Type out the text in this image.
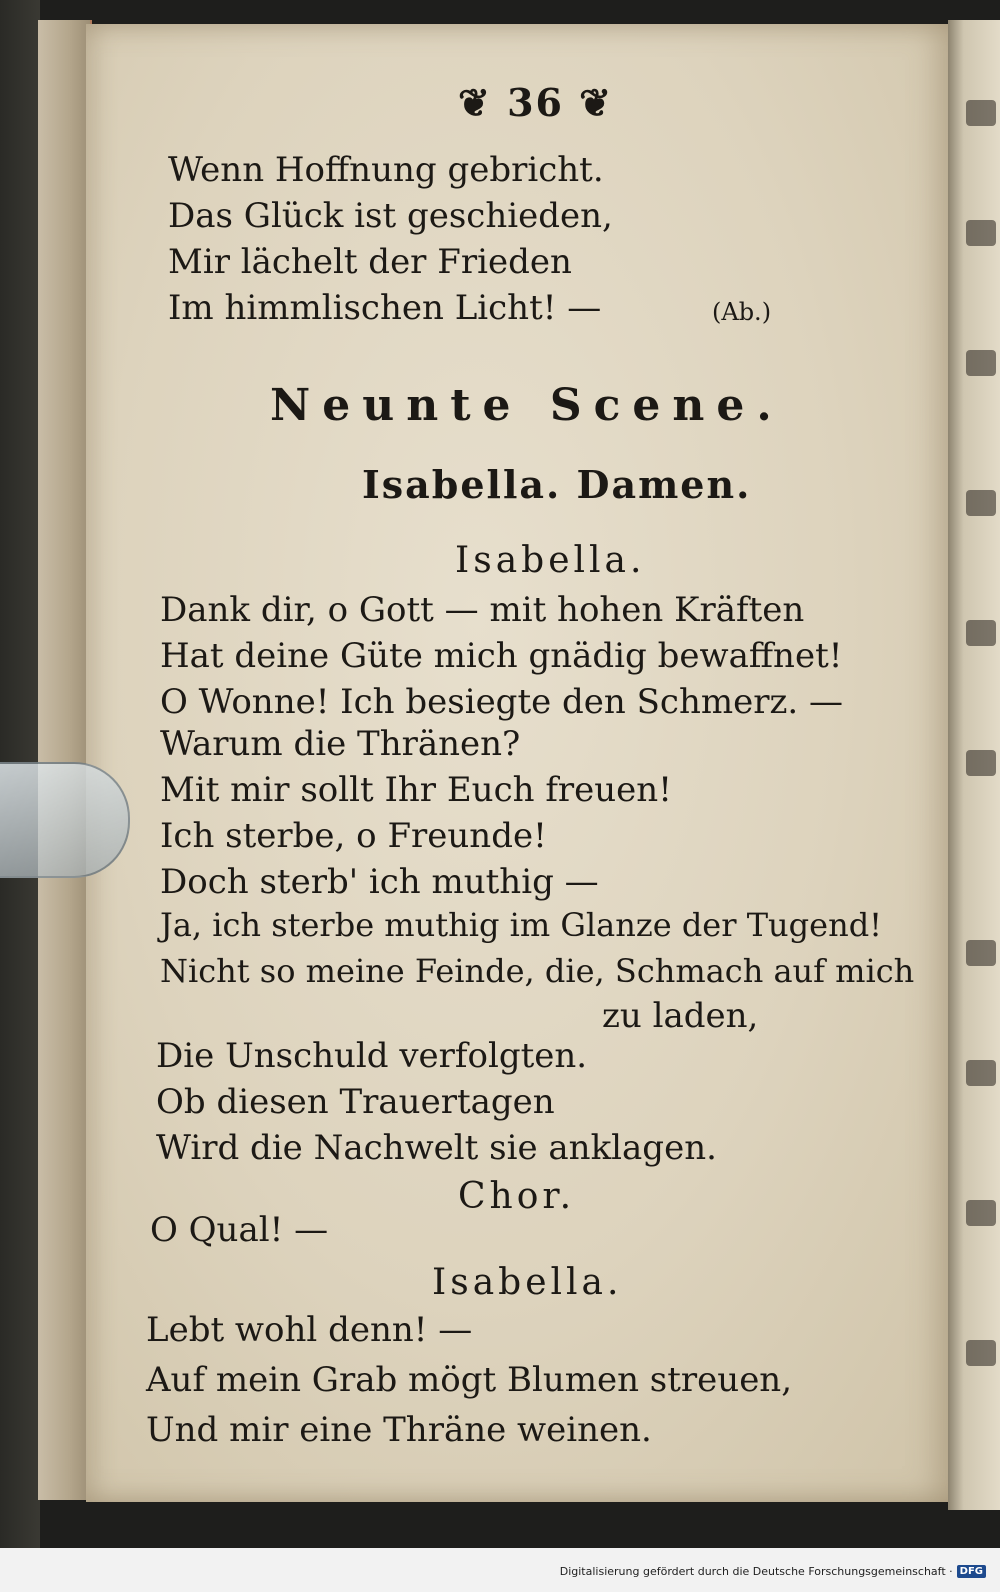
❦ 36 ❦
Wenn Hoffnung gebricht.
Das Glück ist geschieden,
Mir lächelt der Frieden
Im himmlischen Licht! —	(Ab.)
Neunte Scene.
Isabella. Damen.
Isabella.
Dank dir, o Gott — mit hohen Kräften
Hat deine Güte mich gnädig bewaffnet!
O Wonne! Ich besiegte den Schmerz. —
Warum die Thränen?
Mit mir sollt Ihr Euch freuen!
Ich sterbe, o Freunde!
Doch sterb' ich muthig —
Ja, ich sterbe muthig im Glanze der Tugend!
Nicht so meine Feinde, die, Schmach auf mich
zu laden,
Die Unschuld verfolgten.
Ob diesen Trauertagen
Wird die Nachwelt sie anklagen.
Chor.
O Qual! —
Isabella.
Lebt wohl denn! —
Auf mein Grab mögt Blumen streuen,
Und mir eine Thräne weinen.
Digitalisierung gefördert durch die Deutsche Forschungsgemeinschaft · DFG
